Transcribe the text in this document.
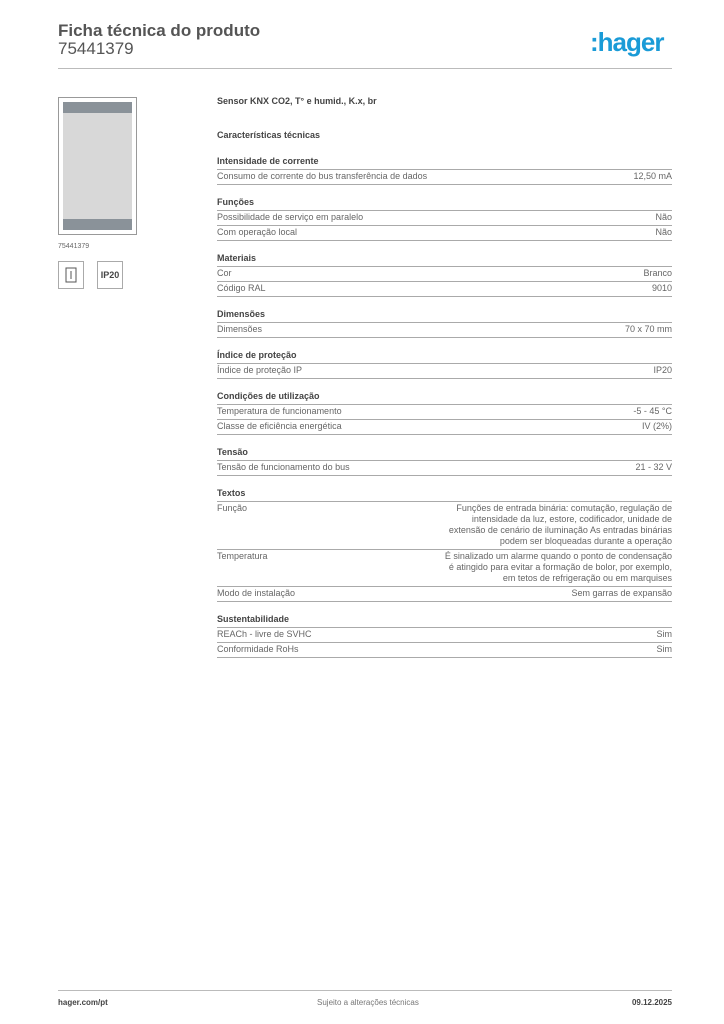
Ficha técnica do produto
75441379	:hager
75441379
IP20
Sensor KNX CO2, T° e humid., K.x, br
Características técnicas
Intensidade de corrente
Consumo de corrente do bus transferência de dados	12,50 mA
Funções
Possibilidade de serviço em paralelo	Não
Com operação local	Não
Materiais
Cor	Branco
Código RAL	9010
Dimensões
Dimensões	70 x 70 mm
Índice de proteção
Índice de proteção IP	IP20
Condições de utilização
Temperatura de funcionamento	-5 - 45 °C
Classe de eficiência energética	IV (2%)
Tensão
Tensão de funcionamento do bus	21 - 32 V
Textos
Função	Funções de entrada binária: comutação, regulação de intensidade da luz, estore, codificador, unidade de extensão de cenário de iluminação As entradas binárias podem ser bloqueadas durante a operação
Temperatura	É sinalizado um alarme quando o ponto de condensação é atingido para evitar a formação de bolor, por exemplo, em tetos de refrigeração ou em marquises
Modo de instalação	Sem garras de expansão
Sustentabilidade
REACh - livre de SVHC	Sim
Conformidade RoHs	Sim
hager.com/pt	Sujeito a alterações técnicas	09.12.2025
